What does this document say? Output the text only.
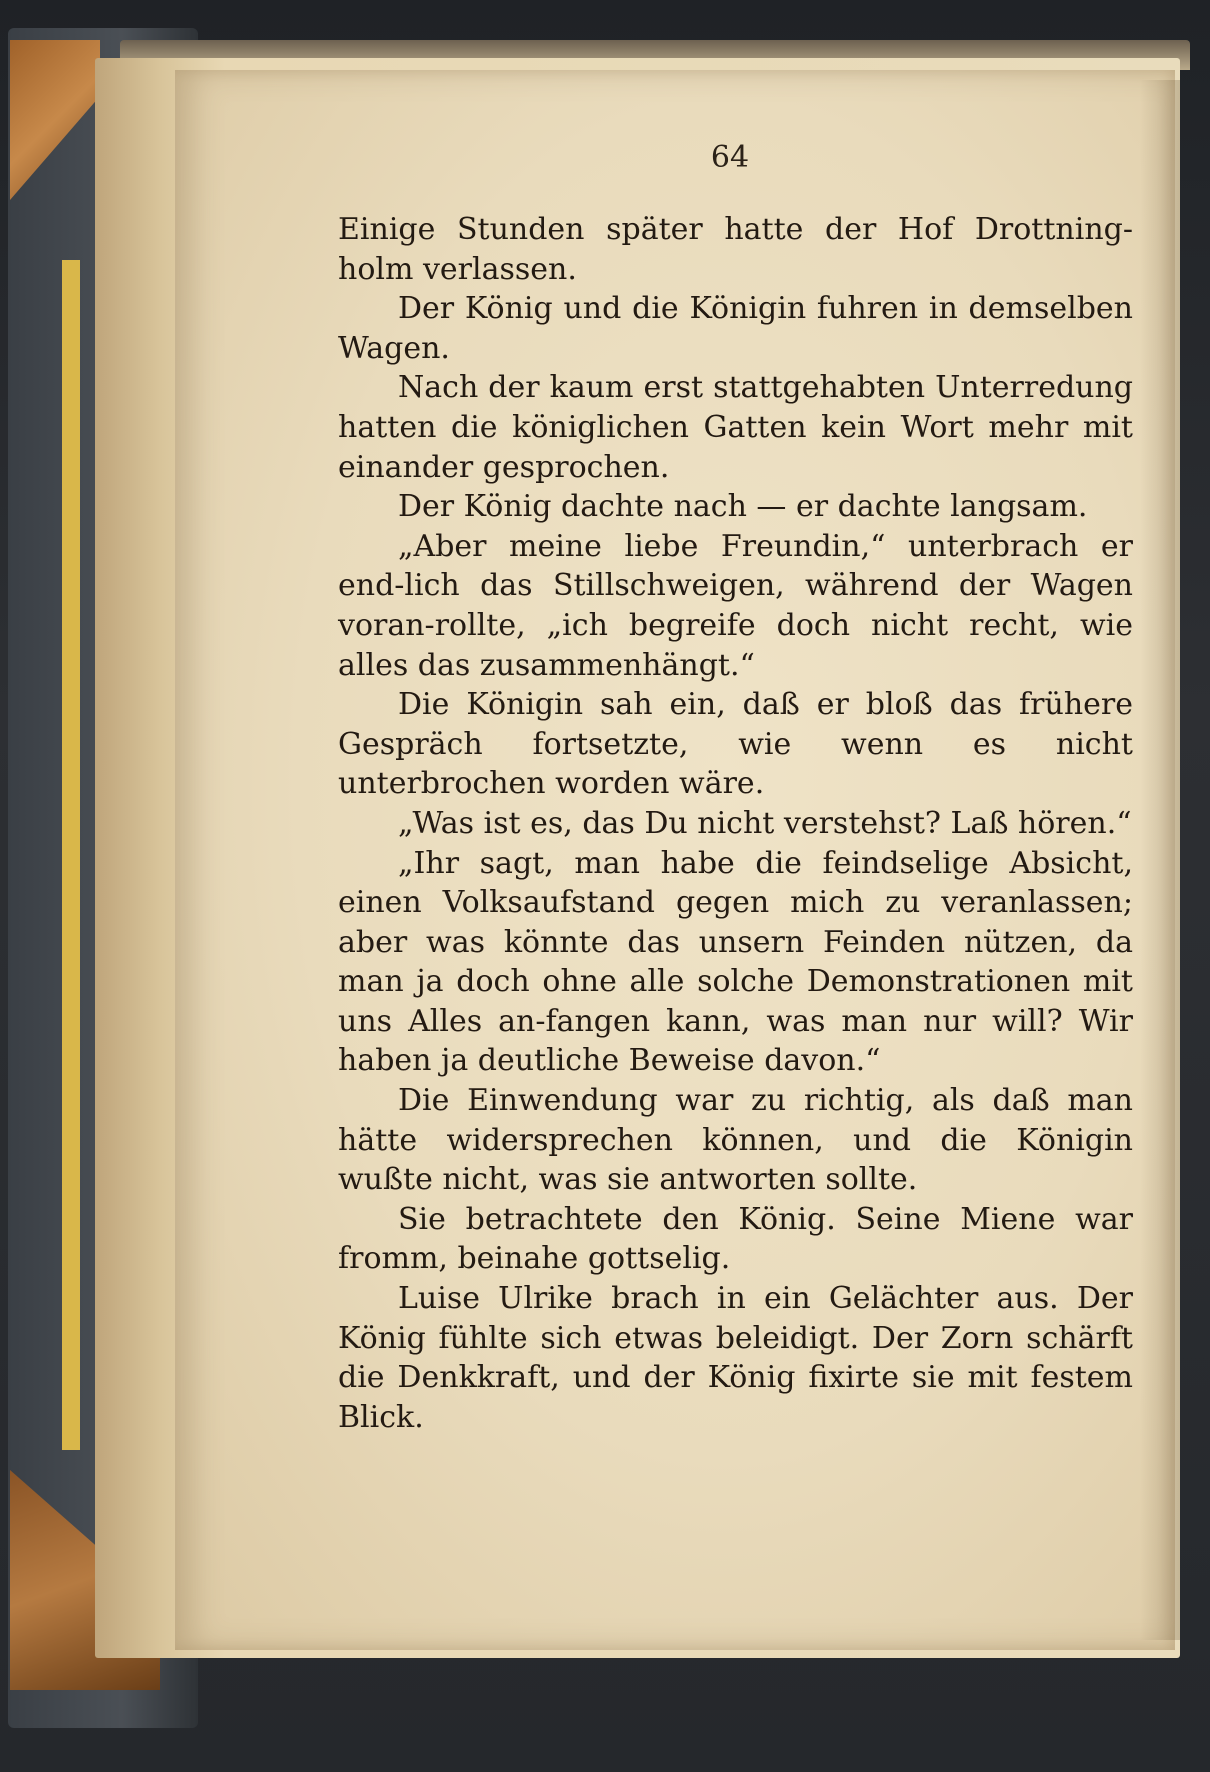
64

Einige Stunden später hatte der Hof Drottning-holm verlassen.

Der König und die Königin fuhren in demselben Wagen.

Nach der kaum erst stattgehabten Unterredung hatten die königlichen Gatten kein Wort mehr mit einander gesprochen.

Der König dachte nach — er dachte langsam.

„Aber meine liebe Freundin,“ unterbrach er end-lich das Stillschweigen, während der Wagen voran-rollte, „ich begreife doch nicht recht, wie alles das zusammenhängt.“

Die Königin sah ein, daß er bloß das frühere Gespräch fortsetzte, wie wenn es nicht unterbrochen worden wäre.

„Was ist es, das Du nicht verstehst? Laß hören.“

„Ihr sagt, man habe die feindselige Absicht, einen Volksaufstand gegen mich zu veranlassen; aber was könnte das unsern Feinden nützen, da man ja doch ohne alle solche Demonstrationen mit uns Alles an-fangen kann, was man nur will? Wir haben ja deutliche Beweise davon.“

Die Einwendung war zu richtig, als daß man hätte widersprechen können, und die Königin wußte nicht, was sie antworten sollte.

Sie betrachtete den König. Seine Miene war fromm, beinahe gottselig.

Luise Ulrike brach in ein Gelächter aus. Der König fühlte sich etwas beleidigt. Der Zorn schärft die Denkkraft, und der König fixirte sie mit festem Blick.
